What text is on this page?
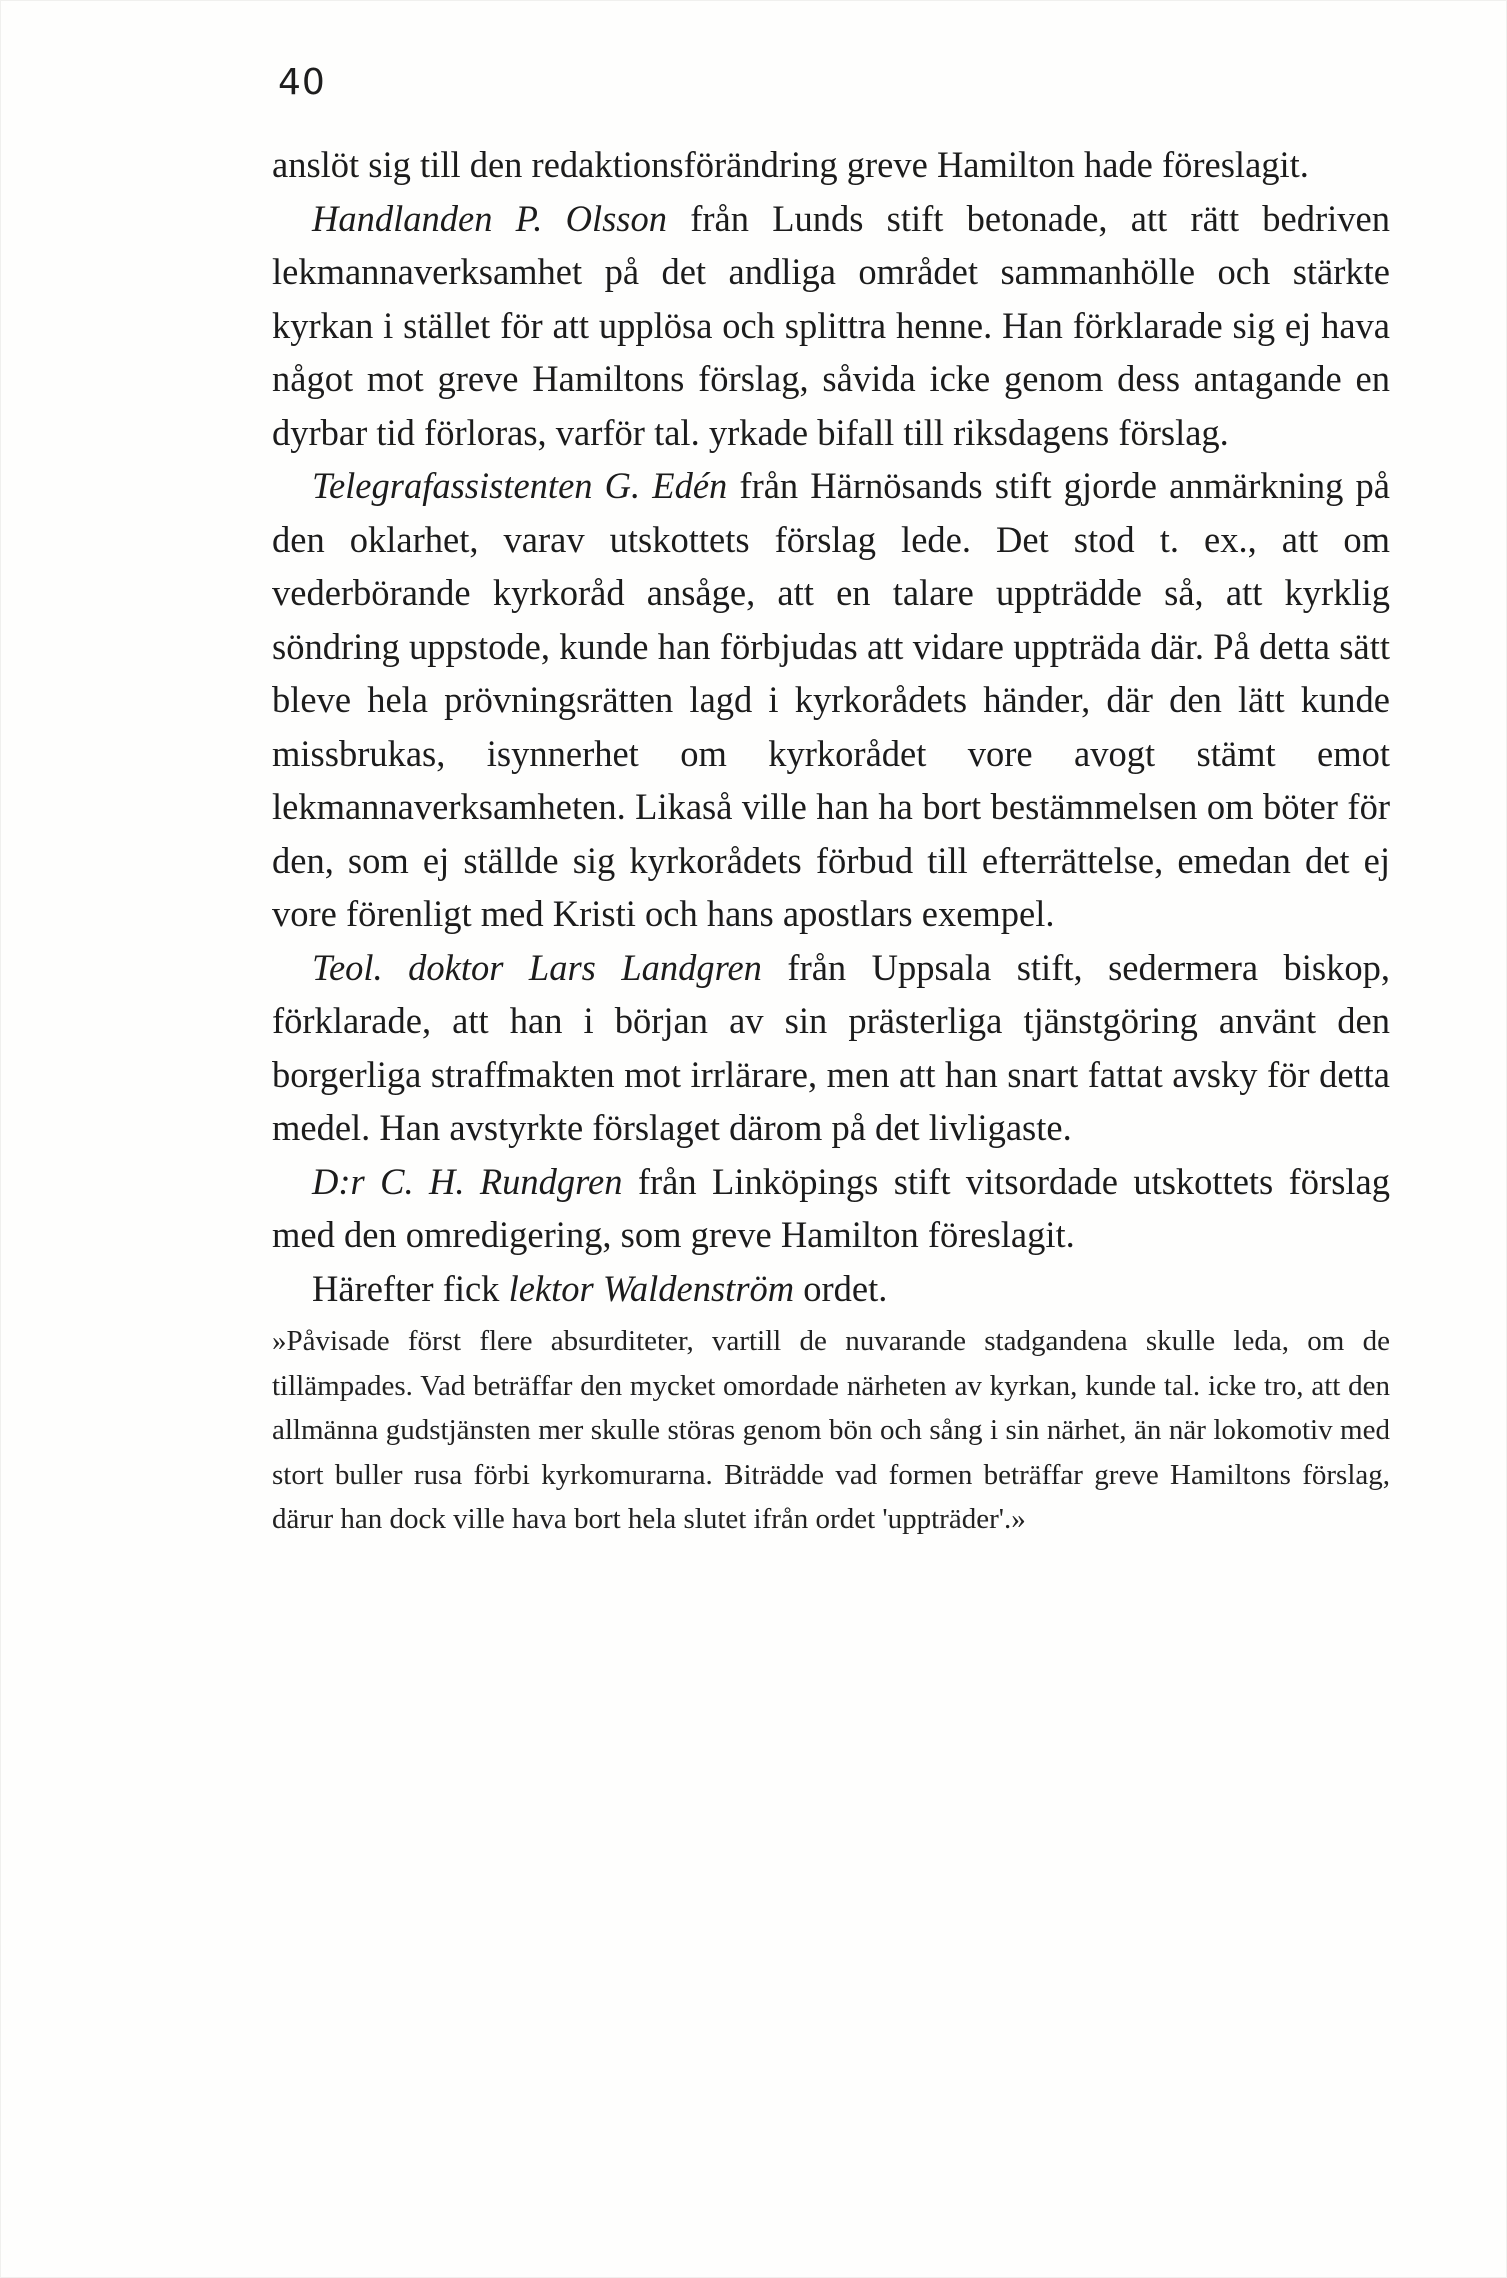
40

anslöt sig till den redaktionsförändring greve Hamilton hade föreslagit.

Handlanden P. Olsson från Lunds stift betonade, att rätt bedriven lekmannaverksamhet på det andliga området sammanhölle och stärkte kyrkan i stället för att upplösa och splittra henne. Han förklarade sig ej hava något mot greve Hamiltons förslag, såvida icke genom dess antagande en dyrbar tid förloras, varför tal. yrkade bifall till riksdagens förslag.

Telegrafassistenten G. Edén från Härnösands stift gjorde anmärkning på den oklarhet, varav utskottets förslag lede. Det stod t. ex., att om vederbörande kyrkoråd ansåge, att en talare uppträdde så, att kyrklig söndring uppstode, kunde han förbjudas att vidare uppträda där. På detta sätt bleve hela prövningsrätten lagd i kyrkorådets händer, där den lätt kunde missbrukas, isynnerhet om kyrkorådet vore avogt stämt emot lekmannaverksamheten. Likaså ville han ha bort bestämmelsen om böter för den, som ej ställde sig kyrkorådets förbud till efterrättelse, emedan det ej vore förenligt med Kristi och hans apostlars exempel.

Teol. doktor Lars Landgren från Uppsala stift, sedermera biskop, förklarade, att han i början av sin prästerliga tjänstgöring använt den borgerliga straffmakten mot irrlärare, men att han snart fattat avsky för detta medel. Han avstyrkte förslaget därom på det livligaste.

D:r C. H. Rundgren från Linköpings stift vitsordade utskottets förslag med den omredigering, som greve Hamilton föreslagit.

Härefter fick lektor Waldenström ordet.

»Påvisade först flere absurditeter, vartill de nuvarande stadgandena skulle leda, om de tillämpades. Vad beträffar den mycket omordade närheten av kyrkan, kunde tal. icke tro, att den allmänna gudstjänsten mer skulle störas genom bön och sång i sin närhet, än när lokomotiv med stort buller rusa förbi kyrkomurarna. Biträdde vad formen beträffar greve Hamiltons förslag, därur han dock ville hava bort hela slutet ifrån ordet 'uppträder'.»
